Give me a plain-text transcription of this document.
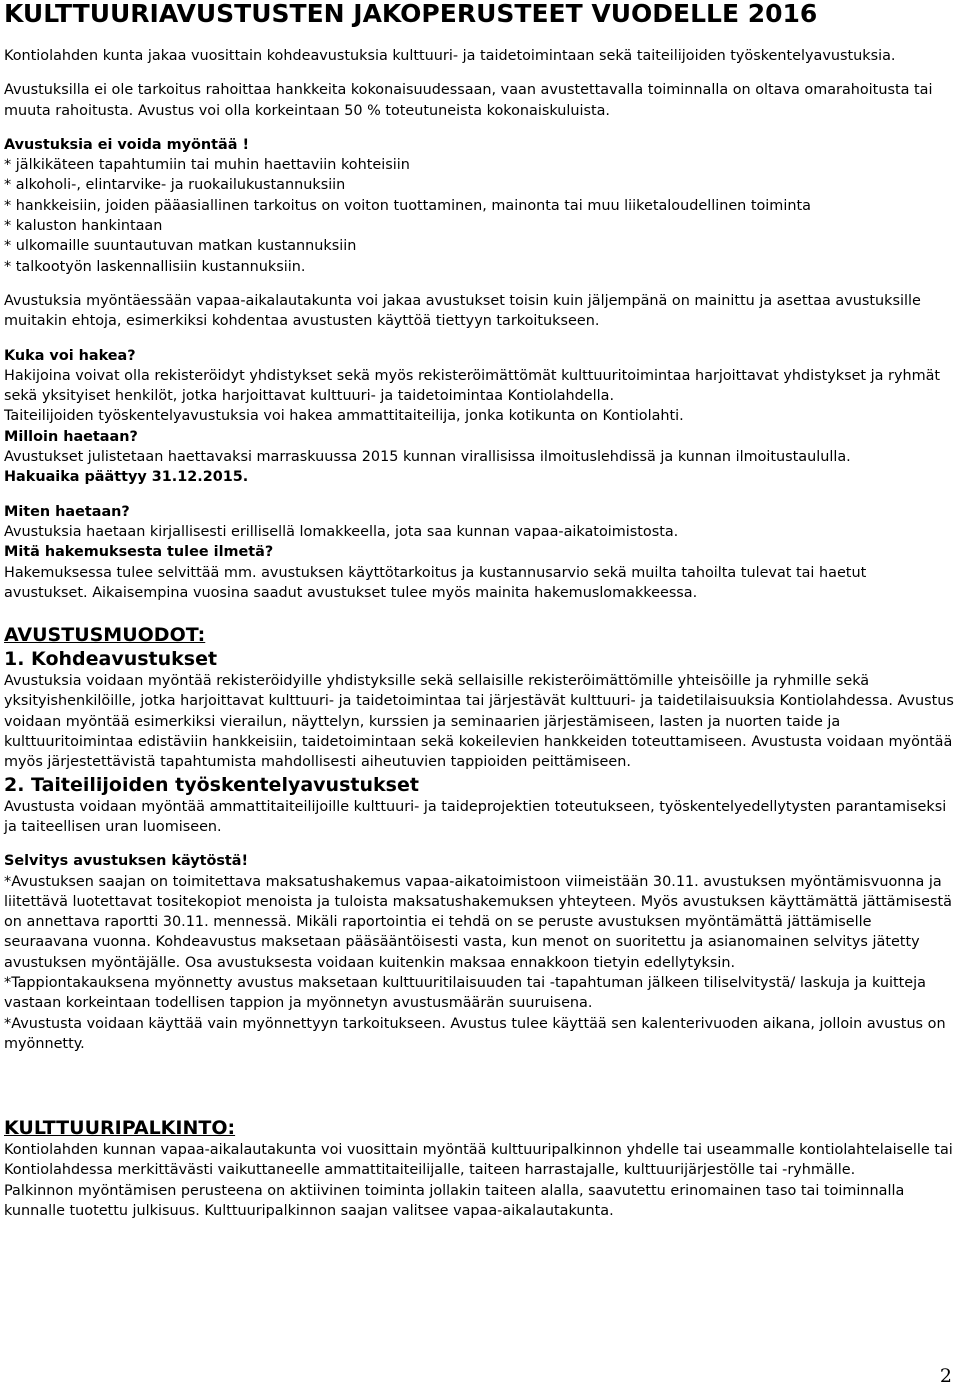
KULTTUURIAVUSTUSTEN JAKOPERUSTEET VUODELLE 2016

Kontiolahden kunta jakaa vuosittain kohdeavustuksia kulttuuri- ja taidetoimintaan sekä taiteilijoiden työskentelyavustuksia.

Avustuksilla ei ole tarkoitus rahoittaa hankkeita kokonaisuudessaan, vaan avustettavalla toiminnalla on oltava omarahoitusta tai muuta rahoitusta. Avustus voi olla korkeintaan 50 % toteutuneista kokonaiskuluista.

Avustuksia ei voida myöntää !

* jälkikäteen tapahtumiin tai muhin haettaviin kohteisiin

* alkoholi-, elintarvike- ja ruokailukustannuksiin

* hankkeisiin, joiden pääasiallinen tarkoitus on voiton tuottaminen, mainonta tai muu liiketaloudellinen toiminta

* kaluston hankintaan

* ulkomaille suuntautuvan matkan kustannuksiin

* talkootyön laskennallisiin kustannuksiin.

Avustuksia myöntäessään vapaa-aikalautakunta voi jakaa avustukset toisin kuin jäljempänä on mainittu ja asettaa avustuksille muitakin ehtoja, esimerkiksi kohdentaa avustusten käyttöä tiettyyn tarkoitukseen.

Kuka voi hakea?

Hakijoina voivat olla rekisteröidyt yhdistykset sekä myös rekisteröimättömät kulttuuritoimintaa harjoittavat yhdistykset ja ryhmät sekä yksityiset henkilöt, jotka harjoittavat kulttuuri- ja taidetoimintaa Kontiolahdella.

Taiteilijoiden työskentelyavustuksia voi hakea ammattitaiteilija, jonka kotikunta on Kontiolahti.

Milloin haetaan?

Avustukset julistetaan haettavaksi marraskuussa 2015 kunnan virallisissa ilmoituslehdissä ja kunnan ilmoitustaululla.

Hakuaika päättyy 31.12.2015.

Miten haetaan?

Avustuksia haetaan kirjallisesti erillisellä lomakkeella, jota saa kunnan vapaa-aikatoimistosta.

Mitä hakemuksesta tulee ilmetä?

Hakemuksessa tulee selvittää mm. avustuksen käyttötarkoitus ja kustannusarvio sekä muilta tahoilta tulevat tai haetut avustukset. Aikaisempina vuosina saadut avustukset tulee myös mainita hakemuslomakkeessa.

AVUSTUSMUODOT:

1. Kohdeavustukset

Avustuksia voidaan myöntää rekisteröidyille yhdistyksille sekä sellaisille rekisteröimättömille yhteisöille ja ryhmille sekä yksityishenkilöille, jotka harjoittavat kulttuuri- ja taidetoimintaa tai järjestävät kulttuuri- ja taidetilaisuuksia Kontiolahdessa. Avustus voidaan myöntää esimerkiksi vierailun, näyttelyn, kurssien ja seminaarien järjestämiseen, lasten ja nuorten taide ja kulttuuritoimintaa edistäviin hankkeisiin, taidetoimintaan sekä kokeilevien hankkeiden toteuttamiseen. Avustusta voidaan myöntää myös järjestettävistä tapahtumista mahdollisesti aiheutuvien tappioiden peittämiseen.

2. Taiteilijoiden työskentelyavustukset

Avustusta voidaan myöntää ammattitaiteilijoille kulttuuri- ja taideprojektien toteutukseen, työskentelyedellytysten parantamiseksi ja taiteellisen uran luomiseen.

Selvitys avustuksen käytöstä!

*Avustuksen saajan on toimitettava maksatushakemus vapaa-aikatoimistoon viimeistään 30.11. avustuksen myöntämisvuonna ja liitettävä luotettavat tositekopiot menoista ja tuloista maksatushakemuksen yhteyteen. Myös avustuksen käyttämättä jättämisestä on annettava raportti 30.11. mennessä. Mikäli raportointia ei tehdä on se peruste avustuksen myöntämättä jättämiselle seuraavana vuonna. Kohdeavustus maksetaan pääsääntöisesti vasta, kun menot on suoritettu ja asianomainen selvitys jätetty avustuksen myöntäjälle. Osa avustuksesta voidaan kuitenkin maksaa ennakkoon tietyin edellytyksin.

*Tappiontakauksena myönnetty avustus maksetaan kulttuuritilaisuuden tai -tapahtuman jälkeen tiliselvitystä/ laskuja ja kuitteja vastaan korkeintaan todellisen tappion ja myönnetyn avustusmäärän suuruisena.

*Avustusta voidaan käyttää vain myönnettyyn tarkoitukseen. Avustus tulee käyttää sen kalenterivuoden aikana, jolloin avustus on myönnetty.

KULTTUURIPALKINTO:

Kontiolahden kunnan vapaa-aikalautakunta voi vuosittain myöntää kulttuuripalkinnon yhdelle tai useammalle kontiolahtelaiselle tai Kontiolahdessa merkittävästi vaikuttaneelle ammattitaiteilijalle, taiteen harrastajalle, kulttuurijärjestölle tai -ryhmälle.

Palkinnon myöntämisen perusteena on aktiivinen toiminta jollakin taiteen alalla, saavutettu erinomainen taso tai toiminnalla kunnalle tuotettu julkisuus. Kulttuuripalkinnon saajan valitsee vapaa-aikalautakunta.

2
